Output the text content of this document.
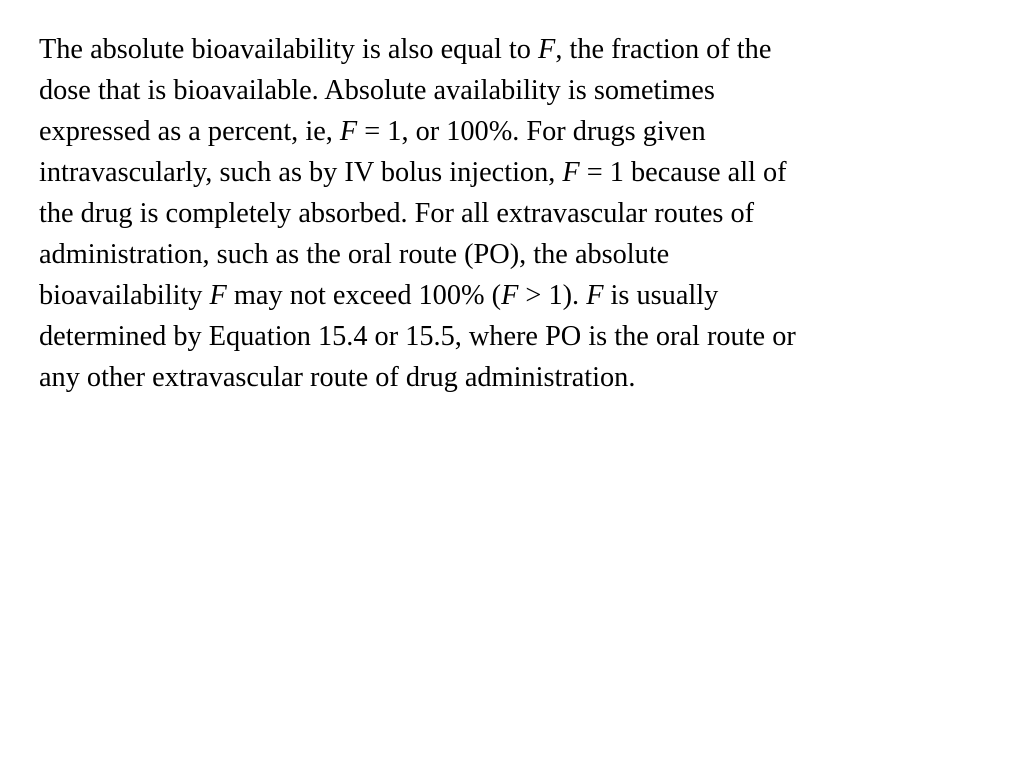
The absolute bioavailability is also equal to F, the fraction of the
dose that is bioavailable. Absolute availability is sometimes
expressed as a percent, ie, F = 1, or 100%. For drugs given
intravascularly, such as by IV bolus injection, F = 1 because all of
the drug is completely absorbed. For all extravascular routes of
administration, such as the oral route (PO), the absolute
bioavailability F may not exceed 100% (F > 1). F is usually
determined by Equation 15.4 or 15.5, where PO is the oral route or
any other extravascular route of drug administration.
